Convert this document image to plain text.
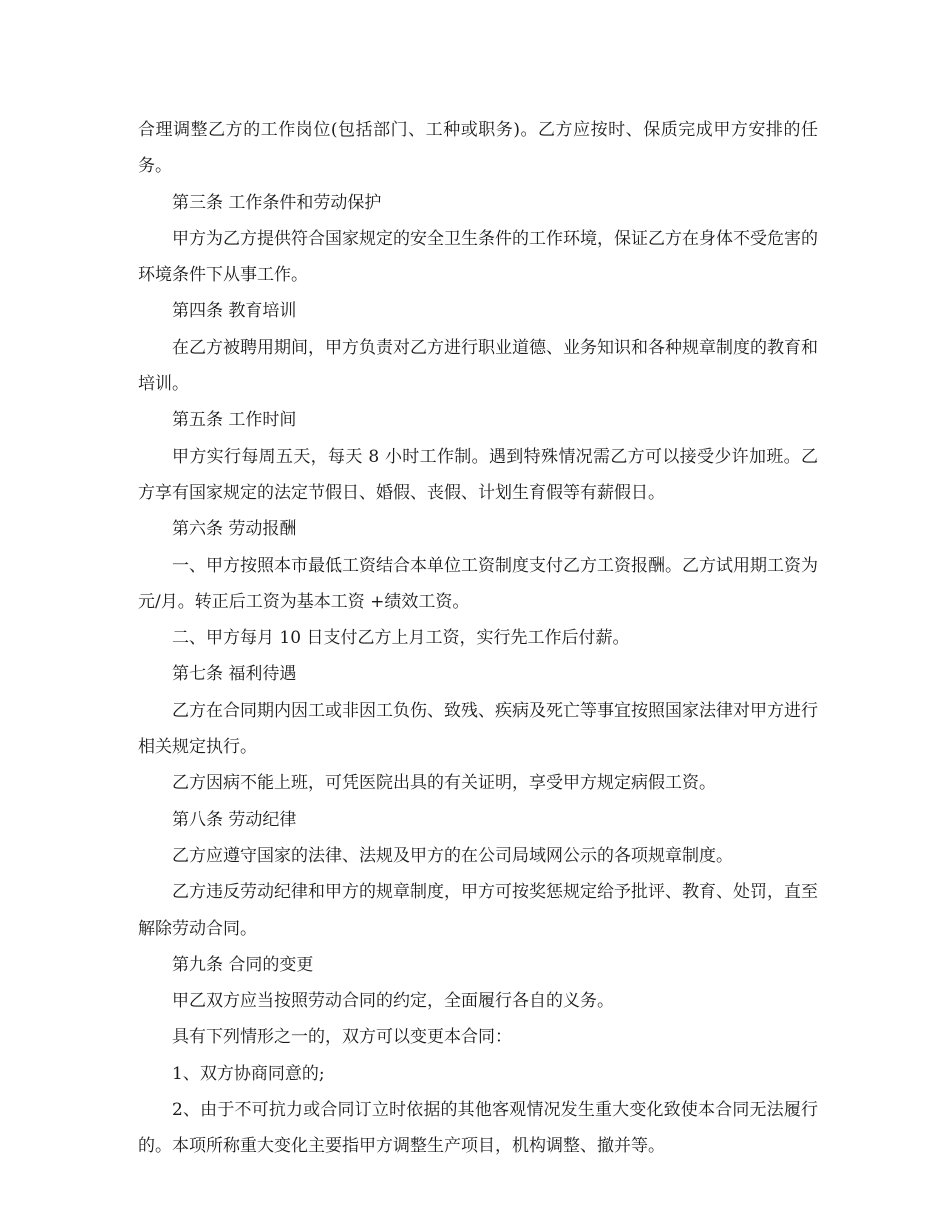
合理调整乙方的工作岗位(包括部门、工种或职务)。乙方应按时、保质完成甲方安排的任务。

第三条 工作条件和劳动保护

甲方为乙方提供符合国家规定的安全卫生条件的工作环境，保证乙方在身体不受危害的环境条件下从事工作。

第四条 教育培训

在乙方被聘用期间，甲方负责对乙方进行职业道德、业务知识和各种规章制度的教育和培训。

第五条 工作时间

甲方实行每周五天，每天 8 小时工作制。遇到特殊情况需乙方可以接受少许加班。乙方享有国家规定的法定节假日、婚假、丧假、计划生育假等有薪假日。

第六条 劳动报酬

一、甲方按照本市最低工资结合本单位工资制度支付乙方工资报酬。乙方试用期工资为 元/月。转正后工资为基本工资 +绩效工资。

二、甲方每月 10 日支付乙方上月工资，实行先工作后付薪。

第七条 福利待遇

乙方在合同期内因工或非因工负伤、致残、疾病及死亡等事宜按照国家法律对甲方进行相关规定执行。

乙方因病不能上班，可凭医院出具的有关证明，享受甲方规定病假工资。

第八条 劳动纪律

乙方应遵守国家的法律、法规及甲方的在公司局域网公示的各项规章制度。

乙方违反劳动纪律和甲方的规章制度，甲方可按奖惩规定给予批评、教育、处罚，直至解除劳动合同。

第九条 合同的变更

甲乙双方应当按照劳动合同的约定，全面履行各自的义务。

具有下列情形之一的，双方可以变更本合同：

1、双方协商同意的;

2、由于不可抗力或合同订立时依据的其他客观情况发生重大变化致使本合同无法履行的。本项所称重大变化主要指甲方调整生产项目，机构调整、撤并等。
